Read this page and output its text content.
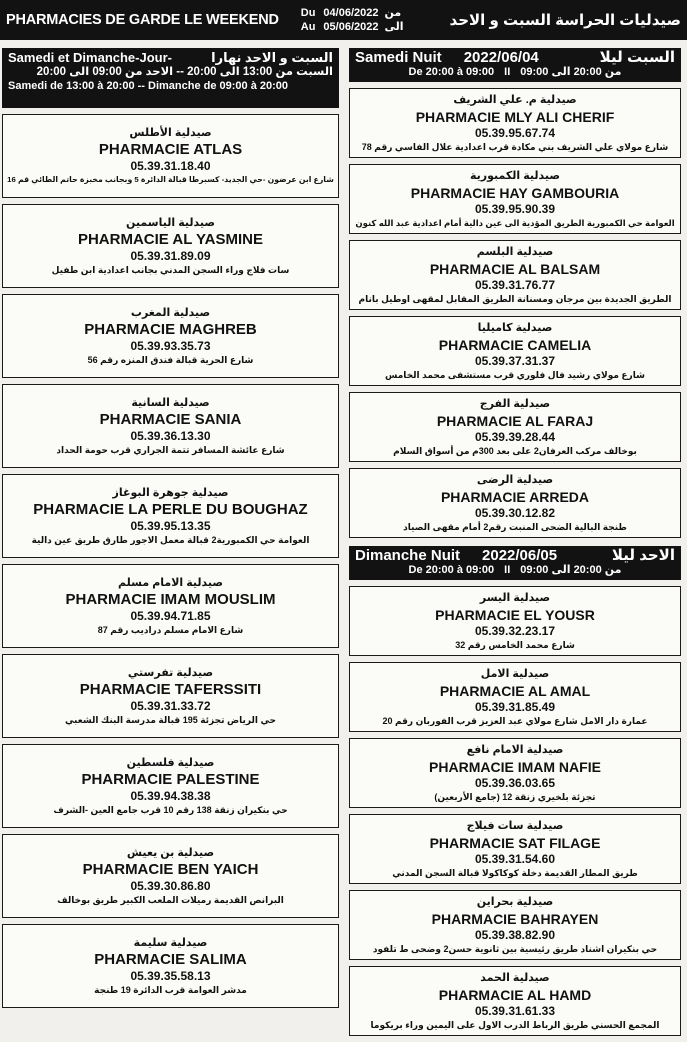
PHARMACIES DE GARDE LE WEEKEND Du
Au
04/06/2022
05/06/2022
من
الى	صيدليات الحراسة السبت و الاحد
Samedi et Dimanche-Jour-	السبت و الاحد نهارا
السبت من 13:00 الى 20:00 -- الاحد من 09:00 الى 20:00
Samedi de 13:00 à 20:00 -- Dimanche de 09:00 à 20:00
صيدلية الأطلس
PHARMACIE ATLAS
05.39.31.18.40
شارع ابن عرضون -حي الجديد- كسبرطا قبالة الدائرة 5 وبجانب مخبزة حاتم الطائي قم 16
صيدلية الياسمين
PHARMACIE AL YASMINE
05.39.31.89.09
سات فلاج وراء السجن المدني بجانب اعدادية ابن طفيل
صيدلية المغرب
PHARMACIE MAGHREB
05.39.93.35.73
شارع الحرية قبالة فندق المنزه رقم 56
صيدلية السانية
PHARMACIE SANIA
05.39.36.13.30
شارع عائشة المسافر تتمة الجراري قرب حومة الحداد
صيدلية جوهرة البوغاز
PHARMACIE LA PERLE DU BOUGHAZ
05.39.95.13.35
العوامة حي الكمبورية2 قبالة معمل الاجور طارق طريق عين دالية
صيدلية الامام مسلم
PHARMACIE IMAM MOUSLIM
05.39.94.71.85
شارع الامام مسلم دراديب رقم 87
صيدلية تفرستي
PHARMACIE TAFERSSITI
05.39.31.33.72
حي الرياض تجزئة 195 قبالة مدرسة البنك الشعبي
صيدلية فلسطين
PHARMACIE PALESTINE
05.39.94.38.38
حي بنكيران زنقة 138 رقم 10 قرب جامع العين -الشرف
صيدلية بن يعيش
PHARMACIE BEN YAICH
05.39.30.86.80
البرانص القديمة رميلات الملعب الكبير طريق بوخالف
صيدلية سليمة
PHARMACIE SALIMA
05.39.35.58.13
مدشر العوامة قرب الدائرة 19 طنجة
Samedi Nuit 2022/06/04	السبت ليلا
De 20:00 à 09:00 II من 20:00 الى 09:00
صيدلية م. علي الشريف
PHARMACIE MLY ALI CHERIF
05.39.95.67.74
شارع مولاي علي الشريف بني مكادة قرب اعدادية علال الفاسي رقم 78
صيدلية الكمبورية
PHARMACIE HAY GAMBOURIA
05.39.95.90.39
العوامة حي الكمبورية الطريق المؤدية الى عين دالية أمام اعدادية عبد الله كنون
صيدلية البلسم
PHARMACIE AL BALSAM
05.39.31.76.77
الطريق الجديدة بين مرجان ومسنانة الطريق المقابل لمقهى اوطيل بانام
صيدلية كاميليا
PHARMACIE CAMELIA
05.39.37.31.37
شارع مولاي رشيد فال فلوري قرب مستشفى محمد الخامس
صيدلية الفرج
PHARMACIE AL FARAJ
05.39.39.28.44
بوخالف مركب العرفان2 على بعد 300م من أسواق السلام
صيدلية الرضى
PHARMACIE ARREDA
05.39.30.12.82
طنجة البالية الضحى المنبت رقم2 أمام مقهى الصياد
Dimanche Nuit 2022/06/05	الاحد ليلا
De 20:00 à 09:00 II من 20:00 الى 09:00
صيدلية اليسر
PHARMACIE EL YOUSR
05.39.32.23.17
شارع محمد الخامس رقم 32
صيدلية الامل
PHARMACIE AL AMAL
05.39.31.85.49
عمارة دار الامل شارع مولاي عبد العزيز قرب الفوربان رقم 20
صيدلية الامام نافع
PHARMACIE IMAM NAFIE
05.39.36.03.65
تجزئة بلخيري زنقة 12 (جامع الأربعين)
صيدلية سات فيلاج
PHARMACIE SAT FILAGE
05.39.31.54.60
طريق المطار القديمة دخلة كوكاكولا قبالة السجن المدني
صيدلية بحراين
PHARMACIE BAHRAYEN
05.39.38.82.90
حي بنكيران اشناد طريق رئيسية بين ثانوية حسن2 وضحى ط تلفود
صيدلية الحمد
PHARMACIE AL HAMD
05.39.31.61.33
المجمع الحسني طريق الرباط الدرب الاول على اليمين وراء بريكوما
